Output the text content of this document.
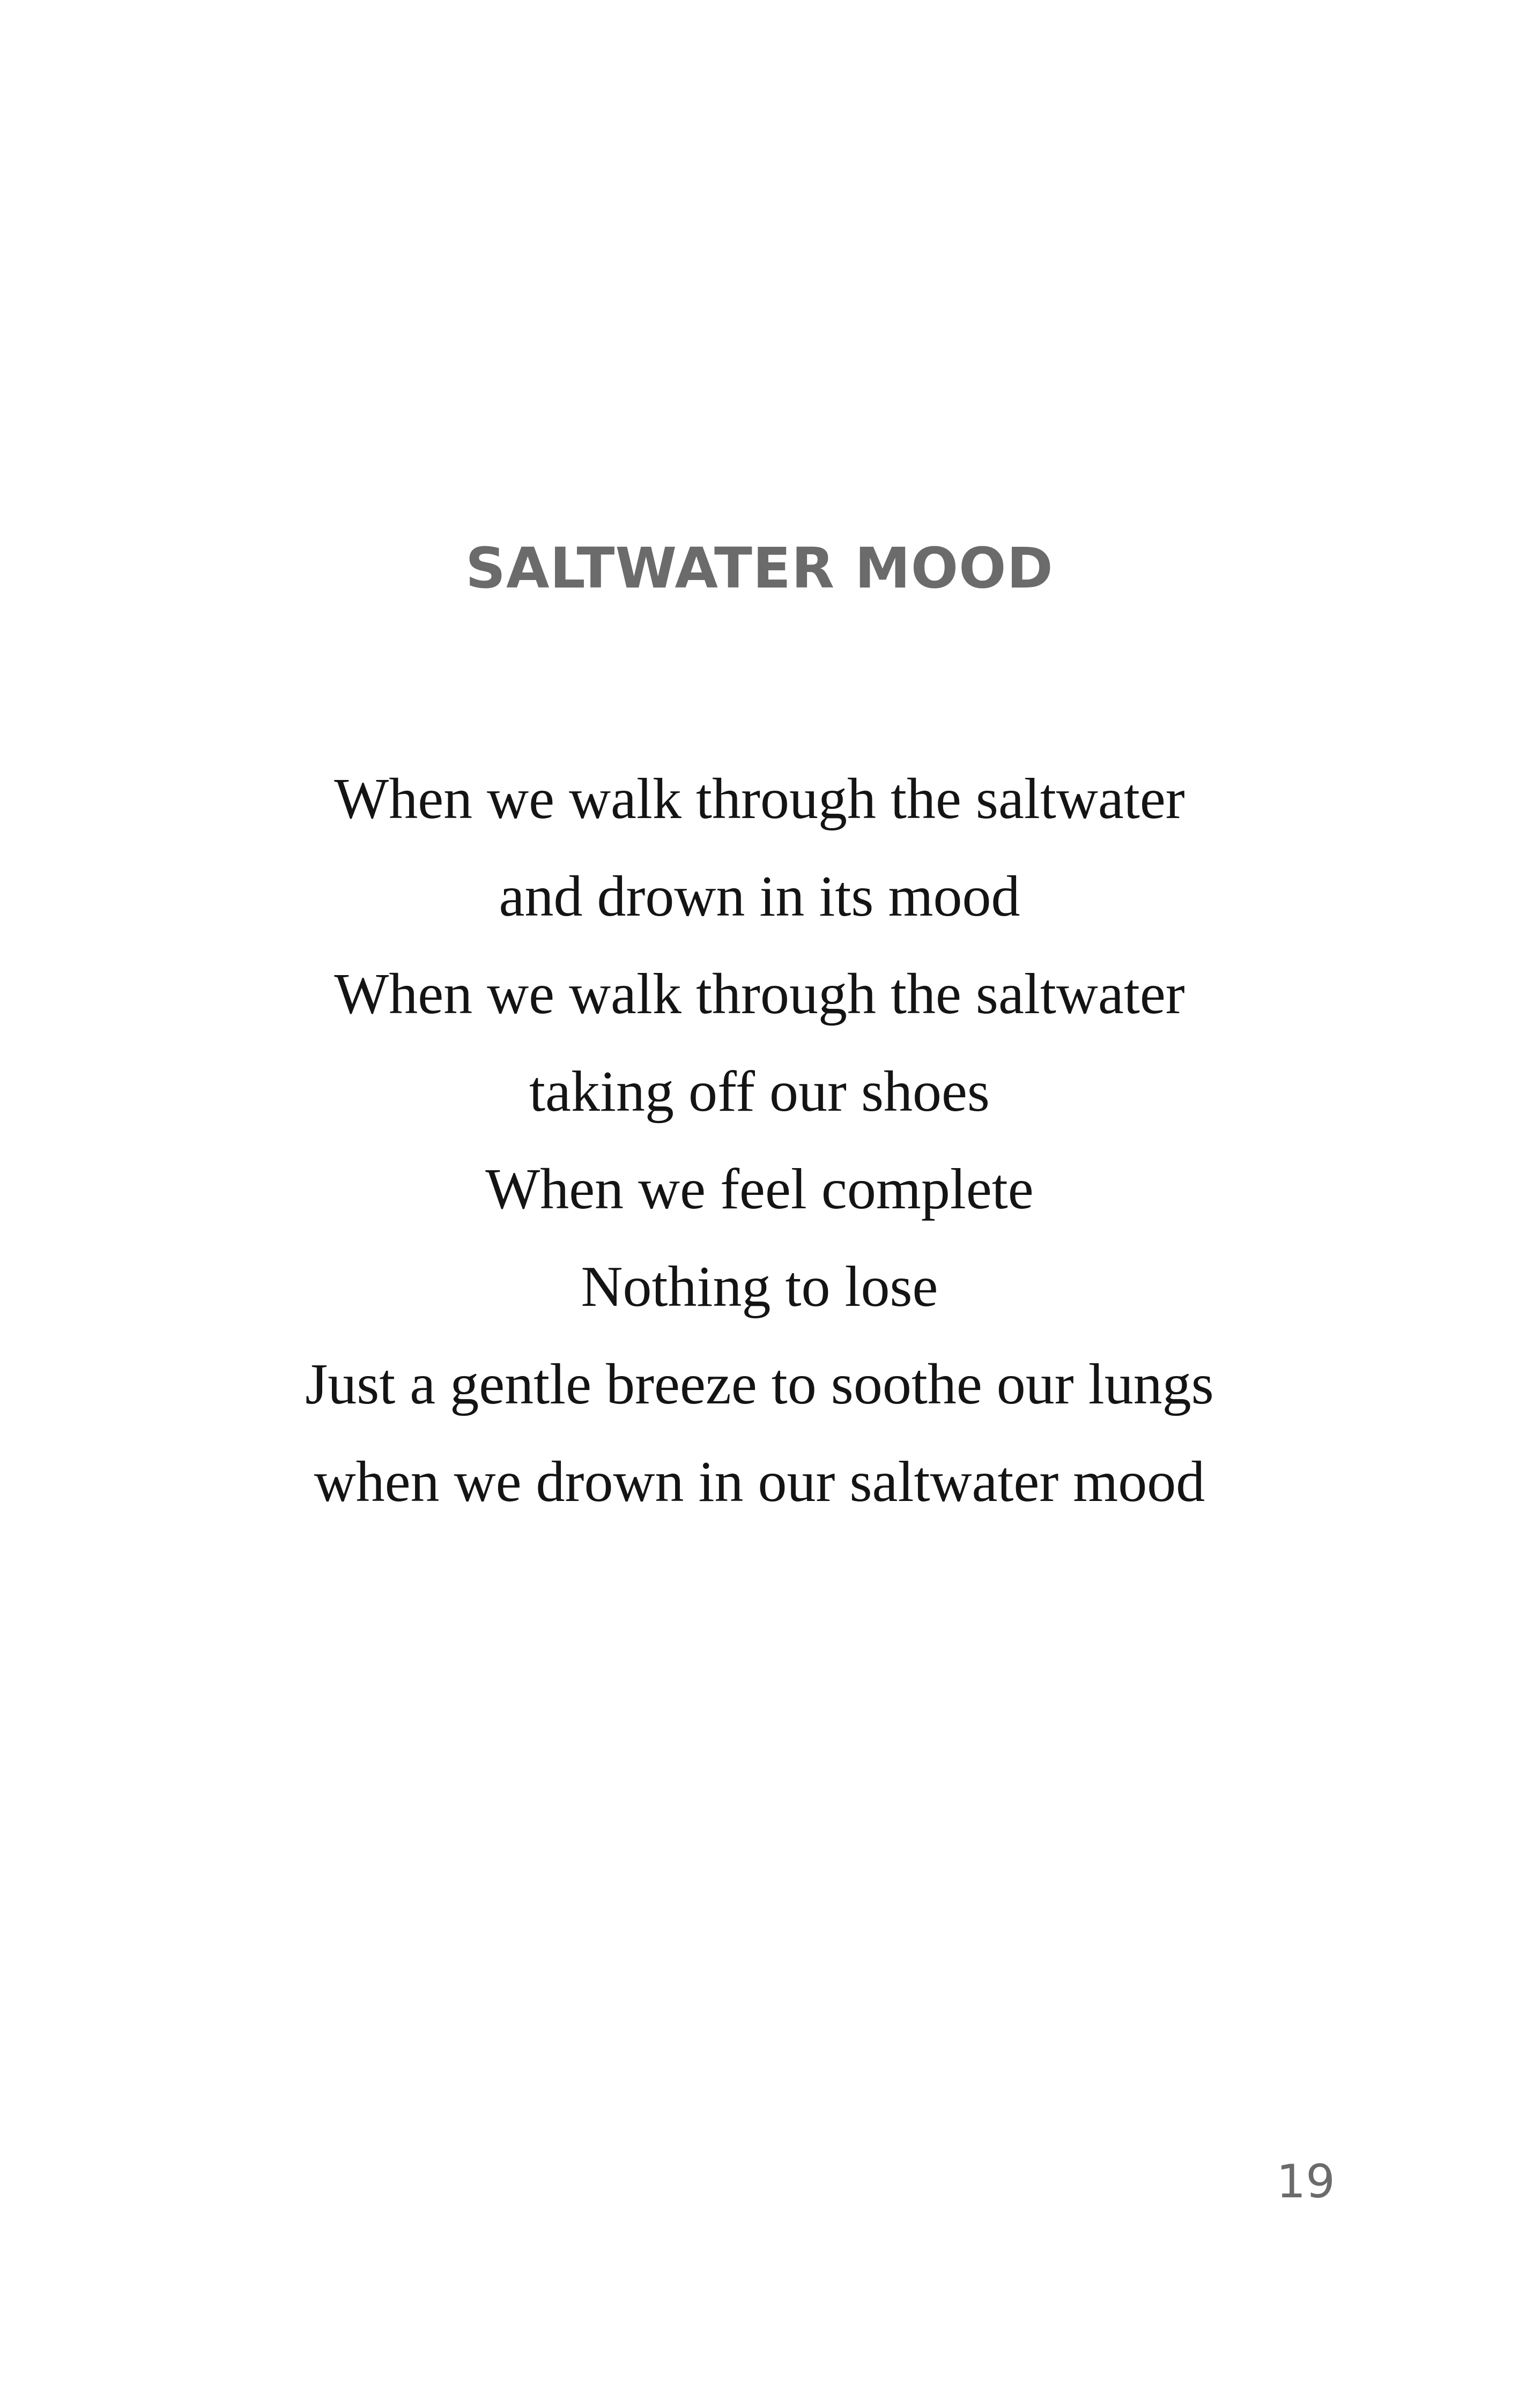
SALTWATER MOOD
When we walk through the saltwater
and drown in its mood
When we walk through the saltwater
taking off our shoes
When we feel complete
Nothing to lose
Just a gentle breeze to soothe our lungs
when we drown in our saltwater mood
19
